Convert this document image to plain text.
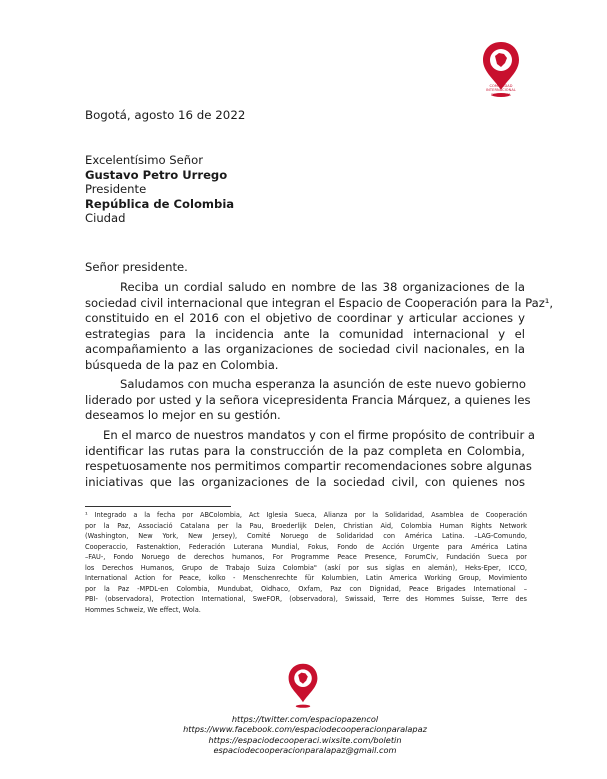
COMUNIDAD
INTERNACIONAL
EN ALERTA
Bogotá, agosto 16 de 2022
Excelentísimo Señor
Gustavo Petro Urrego
Presidente
República de Colombia
Ciudad
Señor presidente.
Reciba un cordial saludo en nombre de las 38 organizaciones de la
sociedad civil internacional que integran el Espacio de Cooperación para la Paz¹,
constituido en el 2016 con el objetivo de coordinar y articular acciones y
estrategias para la incidencia ante la comunidad internacional y el
acompañamiento a las organizaciones de sociedad civil nacionales, en la
búsqueda de la paz en Colombia.
Saludamos con mucha esperanza la asunción de este nuevo gobierno
liderado por usted y la señora vicepresidenta Francia Márquez, a quienes les
deseamos lo mejor en su gestión.
En el marco de nuestros mandatos y con el firme propósito de contribuir a
identificar las rutas para la construcción de la paz completa en Colombia,
respetuosamente nos permitimos compartir recomendaciones sobre algunas
iniciativas que las organizaciones de la sociedad civil, con quienes nos
¹ Integrado a la fecha por ABColombia, Act Iglesia Sueca, Alianza por la Solidaridad, Asamblea de Cooperación
por la Paz, Associació Catalana per la Pau, Broederlijk Delen, Christian Aid, Colombia Human Rights Network
(Washington, New York, New Jersey), Comité Noruego de Solidaridad con América Latina. –LAG-Comundo,
Cooperaccio, Fastenaktion, Federación Luterana Mundial, Fokus, Fondo de Acción Urgente para América Latina
–FAU-, Fondo Noruego de derechos humanos, For Programme Peace Presence, ForumCiv, Fundación Sueca por
los Derechos Humanos, Grupo de Trabajo Suiza Colombia" (askí por sus siglas en alemán), Heks-Eper, ICCO,
International Action for Peace, kolko - Menschenrechte für Kolumbien, Latin America Working Group, Movimiento
por la Paz -MPDL-en Colombia, Mundubat, Oidhaco, Oxfam, Paz con Dignidad, Peace Brigades International –
PBI- (observadora), Protection International, SweFOR, (observadora), Swissaid, Terre des Hommes Suisse, Terre des
Hommes Schweiz, We effect, Wola.
https://twitter.com/espaciopazencol
https://www.facebook.com/espaciodecooperacionparalapaz
https://espaciodecooperaci.wixsite.com/boletin
espaciodecooperacionparalapaz@gmail.com
